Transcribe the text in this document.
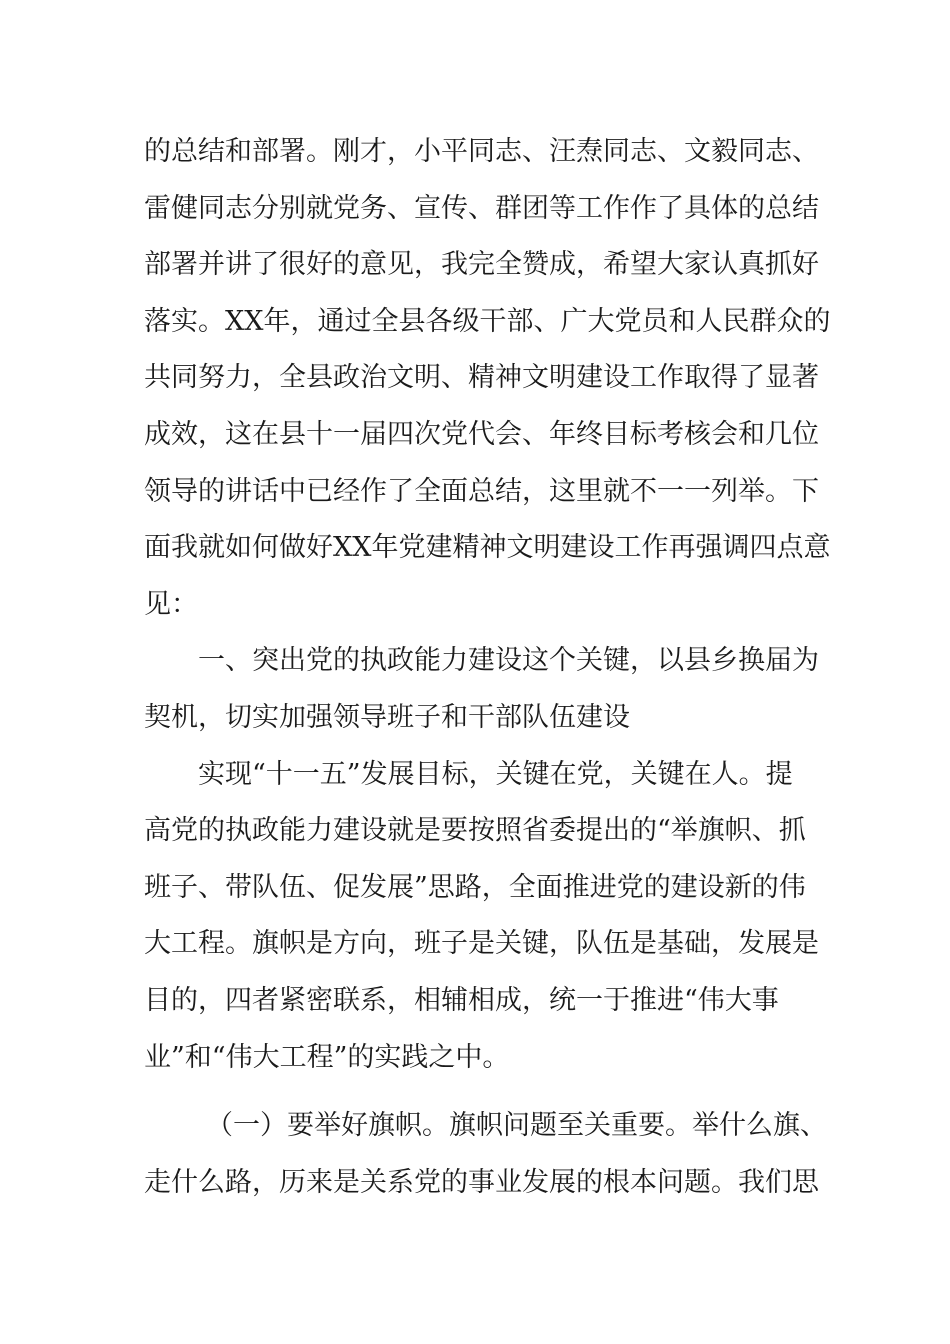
的总结和部署。刚才，小平同志、汪焘同志、文毅同志、
雷健同志分别就党务、宣传、群团等工作作了具体的总结
部署并讲了很好的意见，我完全赞成，希望大家认真抓好
落实。XX年，通过全县各级干部、广大党员和人民群众的
共同努力，全县政治文明、精神文明建设工作取得了显著
成效，这在县十一届四次党代会、年终目标考核会和几位
领导的讲话中已经作了全面总结，这里就不一一列举。下
面我就如何做好XX年党建精神文明建设工作再强调四点意
见：
一、突出党的执政能力建设这个关键，以县乡换届为
契机，切实加强领导班子和干部队伍建设
实现“十一五”发展目标，关键在党，关键在人。提
高党的执政能力建设就是要按照省委提出的“举旗帜、抓
班子、带队伍、促发展”思路，全面推进党的建设新的伟
大工程。旗帜是方向，班子是关键，队伍是基础，发展是
目的，四者紧密联系，相辅相成，统一于推进“伟大事
业”和“伟大工程”的实践之中。
（一）要举好旗帜。旗帜问题至关重要。举什么旗、
走什么路，历来是关系党的事业发展的根本问题。我们思
